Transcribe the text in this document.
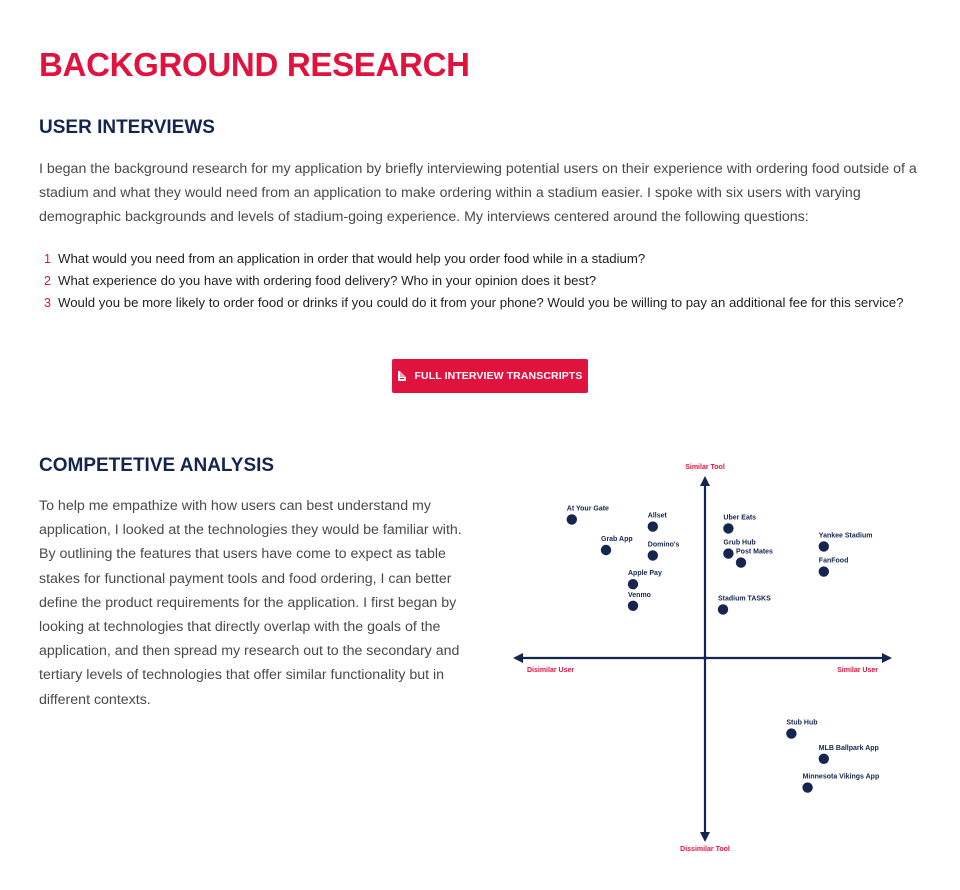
BACKGROUND RESEARCH
USER INTERVIEWS

I began the background research for my application by briefly interviewing potential users on their experience with ordering food outside of a stadium and what they would need from an application to make ordering within a stadium easier. I spoke with six users with varying demographic backgrounds and levels of stadium-going experience. My interviews centered around the following questions:

1 What would you need from an application in order that would help you order food while in a stadium?
2 What experience do you have with ordering food delivery? Who in your opinion does it best?
3 Would you be more likely to order food or drinks if you could do it from your phone? Would you be willing to pay an additional fee for this service?
FULL INTERVIEW TRANSCRIPTS
COMPETETIVE ANALYSIS

To help me empathize with how users can best understand my application, I looked at the technologies they would be familiar with. By outlining the features that users have come to expect as table stakes for functional payment tools and food ordering, I can better define the product requirements for the application. I first began by looking at technologies that directly overlap with the goals of the application, and then spread my research out to the secondary and tertiary levels of technologies that offer similar functionality but in different contexts.

Similar Tool
Dissimilar Tool
Disimilar User	Similar User
At Your Gate
Allset
Grab App
Domino's
Apple Pay
Venmo
Uber Eats
Grub Hub
Post Mates
Stadium TASKS
Yankee Stadium
FanFood
Stub Hub
MLB Ballpark App
Minnesota Vikings App
